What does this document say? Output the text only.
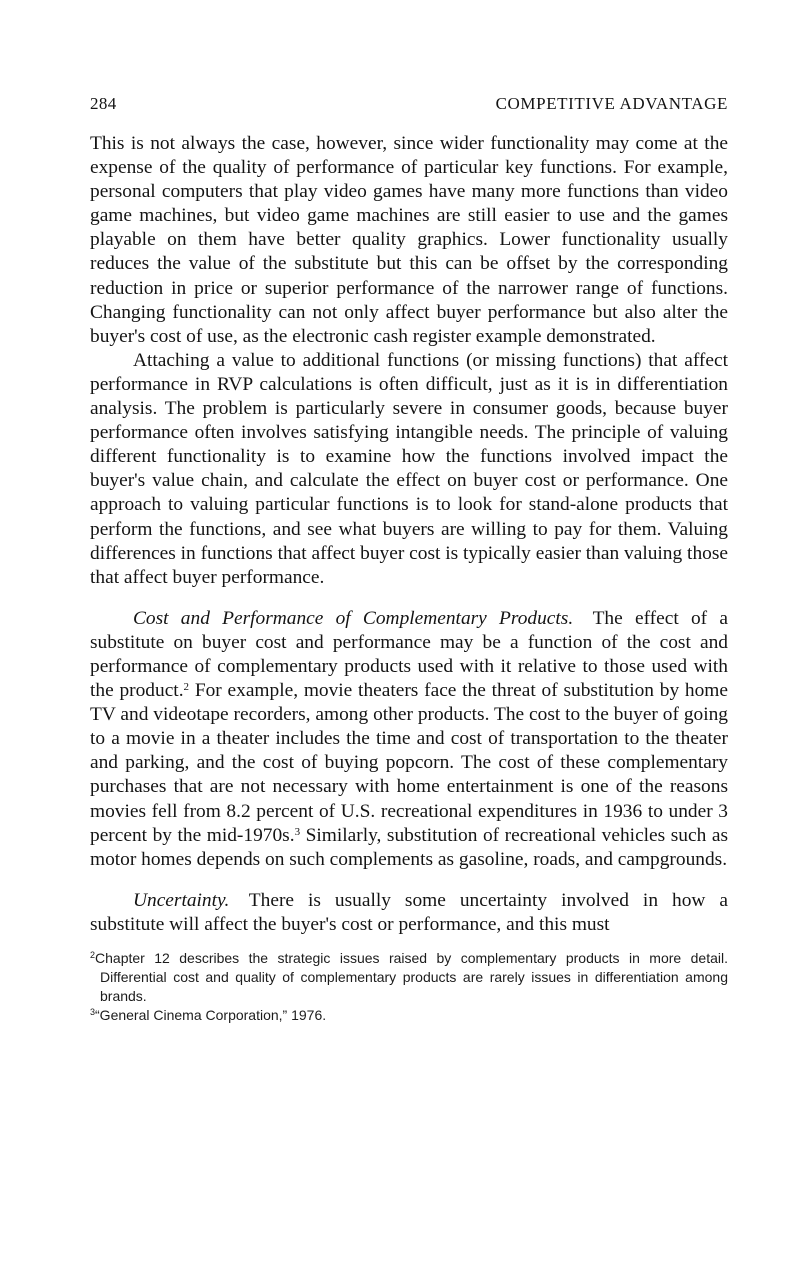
284	COMPETITIVE ADVANTAGE

This is not always the case, however, since wider functionality may come at the expense of the quality of performance of particular key functions. For example, personal computers that play video games have many more functions than video game machines, but video game machines are still easier to use and the games playable on them have better quality graphics. Lower functionality usually reduces the value of the substitute but this can be offset by the corresponding reduction in price or superior performance of the narrower range of functions. Changing functionality can not only affect buyer performance but also alter the buyer's cost of use, as the electronic cash register example demonstrated.

Attaching a value to additional functions (or missing functions) that affect performance in RVP calculations is often difficult, just as it is in differentiation analysis. The problem is particularly severe in consumer goods, because buyer performance often involves satisfying intangible needs. The principle of valuing different functionality is to examine how the functions involved impact the buyer's value chain, and calculate the effect on buyer cost or performance. One approach to valuing particular functions is to look for stand-alone products that perform the functions, and see what buyers are willing to pay for them. Valuing differences in functions that affect buyer cost is typically easier than valuing those that affect buyer performance.

Cost and Performance of Complementary Products.  The effect of a substitute on buyer cost and performance may be a function of the cost and performance of complementary products used with it relative to those used with the product.$^2$ For example, movie theaters face the threat of substitution by home TV and videotape recorders, among other products. The cost to the buyer of going to a movie in a theater includes the time and cost of transportation to the theater and parking, and the cost of buying popcorn. The cost of these complementary purchases that are not necessary with home entertainment is one of the reasons movies fell from 8.2 percent of U.S. recreational expenditures in 1936 to under 3 percent by the mid-1970s.$^3$ Similarly, substitution of recreational vehicles such as motor homes depends on such complements as gasoline, roads, and campgrounds.

Uncertainty.  There is usually some uncertainty involved in how a substitute will affect the buyer's cost or performance, and this must

$^2$Chapter 12 describes the strategic issues raised by complementary products in more detail. Differential cost and quality of complementary products are rarely issues in differentiation among brands.
$^3$“General Cinema Corporation,” 1976.
